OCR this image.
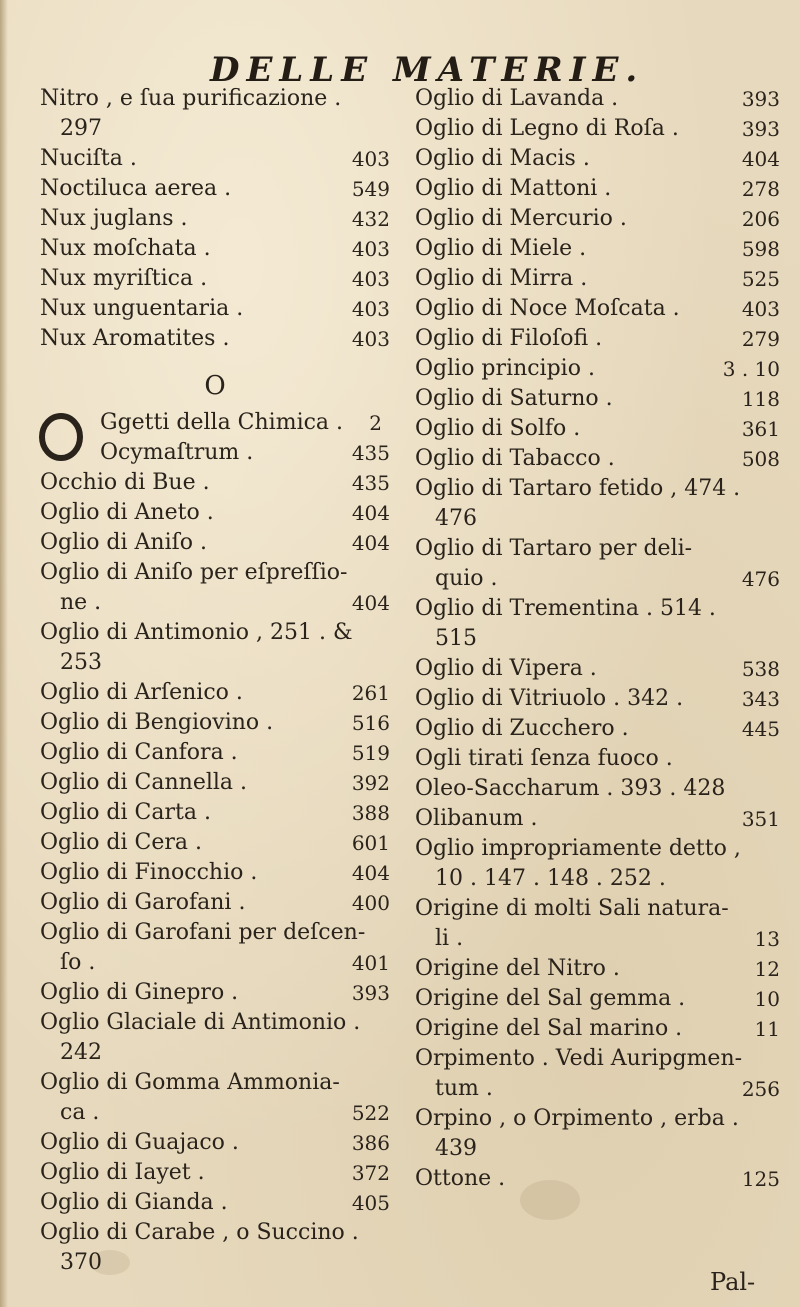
DELLE MATERIE.
Nitro , e ſua purificazione .
297
Nuciſta .	403
Noctiluca aerea .	549
Nux juglans .	432
Nux moſchata .	403
Nux myriſtica .	403
Nux unguentaria .	403
Nux Aromatites .	403
O
Ggetti della Chimica . 2
Ocymaſtrum .	435
Occhio di Bue .	435
Oglio di Aneto .	404
Oglio di Aniſo .	404
Oglio di Aniſo per eſpreſſio-
ne .	404
Oglio di Antimonio , 251 . &
253
Oglio di Arſenico .	261
Oglio di Bengiovino .	516
Oglio di Canfora .	519
Oglio di Cannella .	392
Oglio di Carta .	388
Oglio di Cera .	601
Oglio di Finocchio .	404
Oglio di Garofani .	400
Oglio di Garofani per deſcen-
ſo .	401
Oglio di Ginepro .	393
Oglio Glaciale di Antimonio .
242
Oglio di Gomma Ammonia-
ca .	522
Oglio di Guajaco .	386
Oglio di Iayet .	372
Oglio di Gianda .	405
Oglio di Carabe , o Succino .
370
Oglio di Lavanda .	393
Oglio di Legno di Roſa .	393
Oglio di Macis .	404
Oglio di Mattoni .	278
Oglio di Mercurio .	206
Oglio di Miele .	598
Oglio di Mirra .	525
Oglio di Noce Moſcata .	403
Oglio di Filoſofi .	279
Oglio principio .	3 . 10
Oglio di Saturno .	118
Oglio di Solfo .	361
Oglio di Tabacco .	508
Oglio di Tartaro fetido , 474 .
476
Oglio di Tartaro per deli-
quio .	476
Oglio di Trementina . 514 .
515
Oglio di Vipera .	538
Oglio di Vitriuolo . 342 .	343
Oglio di Zucchero .	445
Ogli tirati ſenza fuoco .
Oleo-Saccharum . 393 . 428
Olibanum .	351
Oglio impropriamente detto ,
10 . 147 . 148 . 252 .
Origine di molti Sali natura-
li .	13
Origine del Nitro .	12
Origine del Sal gemma .	10
Origine del Sal marino .	11
Orpimento . Vedi Auripgmen-
tum .	256
Orpino , o Orpimento , erba .
439
Ottone .	125
Pal-
